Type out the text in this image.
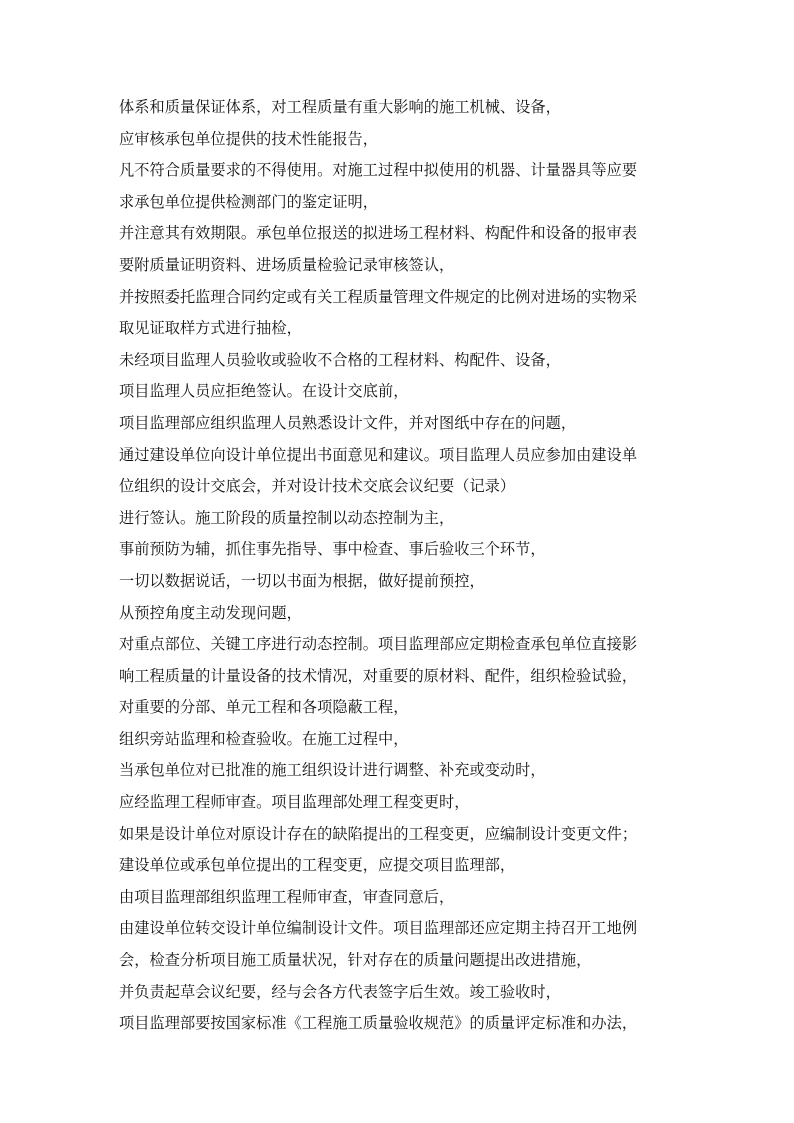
体系和质量保证体系，对工程质量有重大影响的施工机械、设备，
应审核承包单位提供的技术性能报告，
凡不符合质量要求的不得使用。对施工过程中拟使用的机器、计量器具等应要
求承包单位提供检测部门的鉴定证明，
并注意其有效期限。承包单位报送的拟进场工程材料、构配件和设备的报审表
要附质量证明资料、进场质量检验记录审核签认，
并按照委托监理合同约定或有关工程质量管理文件规定的比例对进场的实物采
取见证取样方式进行抽检，
未经项目监理人员验收或验收不合格的工程材料、构配件、设备，
项目监理人员应拒绝签认。在设计交底前，
项目监理部应组织监理人员熟悉设计文件，并对图纸中存在的问题，
通过建设单位向设计单位提出书面意见和建议。项目监理人员应参加由建设单
位组织的设计交底会，并对设计技术交底会议纪要（记录）
进行签认。施工阶段的质量控制以动态控制为主，
事前预防为辅，抓住事先指导、事中检查、事后验收三个环节，
一切以数据说话，一切以书面为根据，做好提前预控，
从预控角度主动发现问题，
对重点部位、关键工序进行动态控制。项目监理部应定期检查承包单位直接影
响工程质量的计量设备的技术情况，对重要的原材料、配件，组织检验试验，
对重要的分部、单元工程和各项隐蔽工程，
组织旁站监理和检查验收。在施工过程中，
当承包单位对已批准的施工组织设计进行调整、补充或变动时，
应经监理工程师审查。项目监理部处理工程变更时，
如果是设计单位对原设计存在的缺陷提出的工程变更，应编制设计变更文件；
建设单位或承包单位提出的工程变更，应提交项目监理部，
由项目监理部组织监理工程师审查，审查同意后，
由建设单位转交设计单位编制设计文件。项目监理部还应定期主持召开工地例
会，检查分析项目施工质量状况，针对存在的质量问题提出改进措施，
并负责起草会议纪要，经与会各方代表签字后生效。竣工验收时，
项目监理部要按国家标准《工程施工质量验收规范》的质量评定标准和办法，
